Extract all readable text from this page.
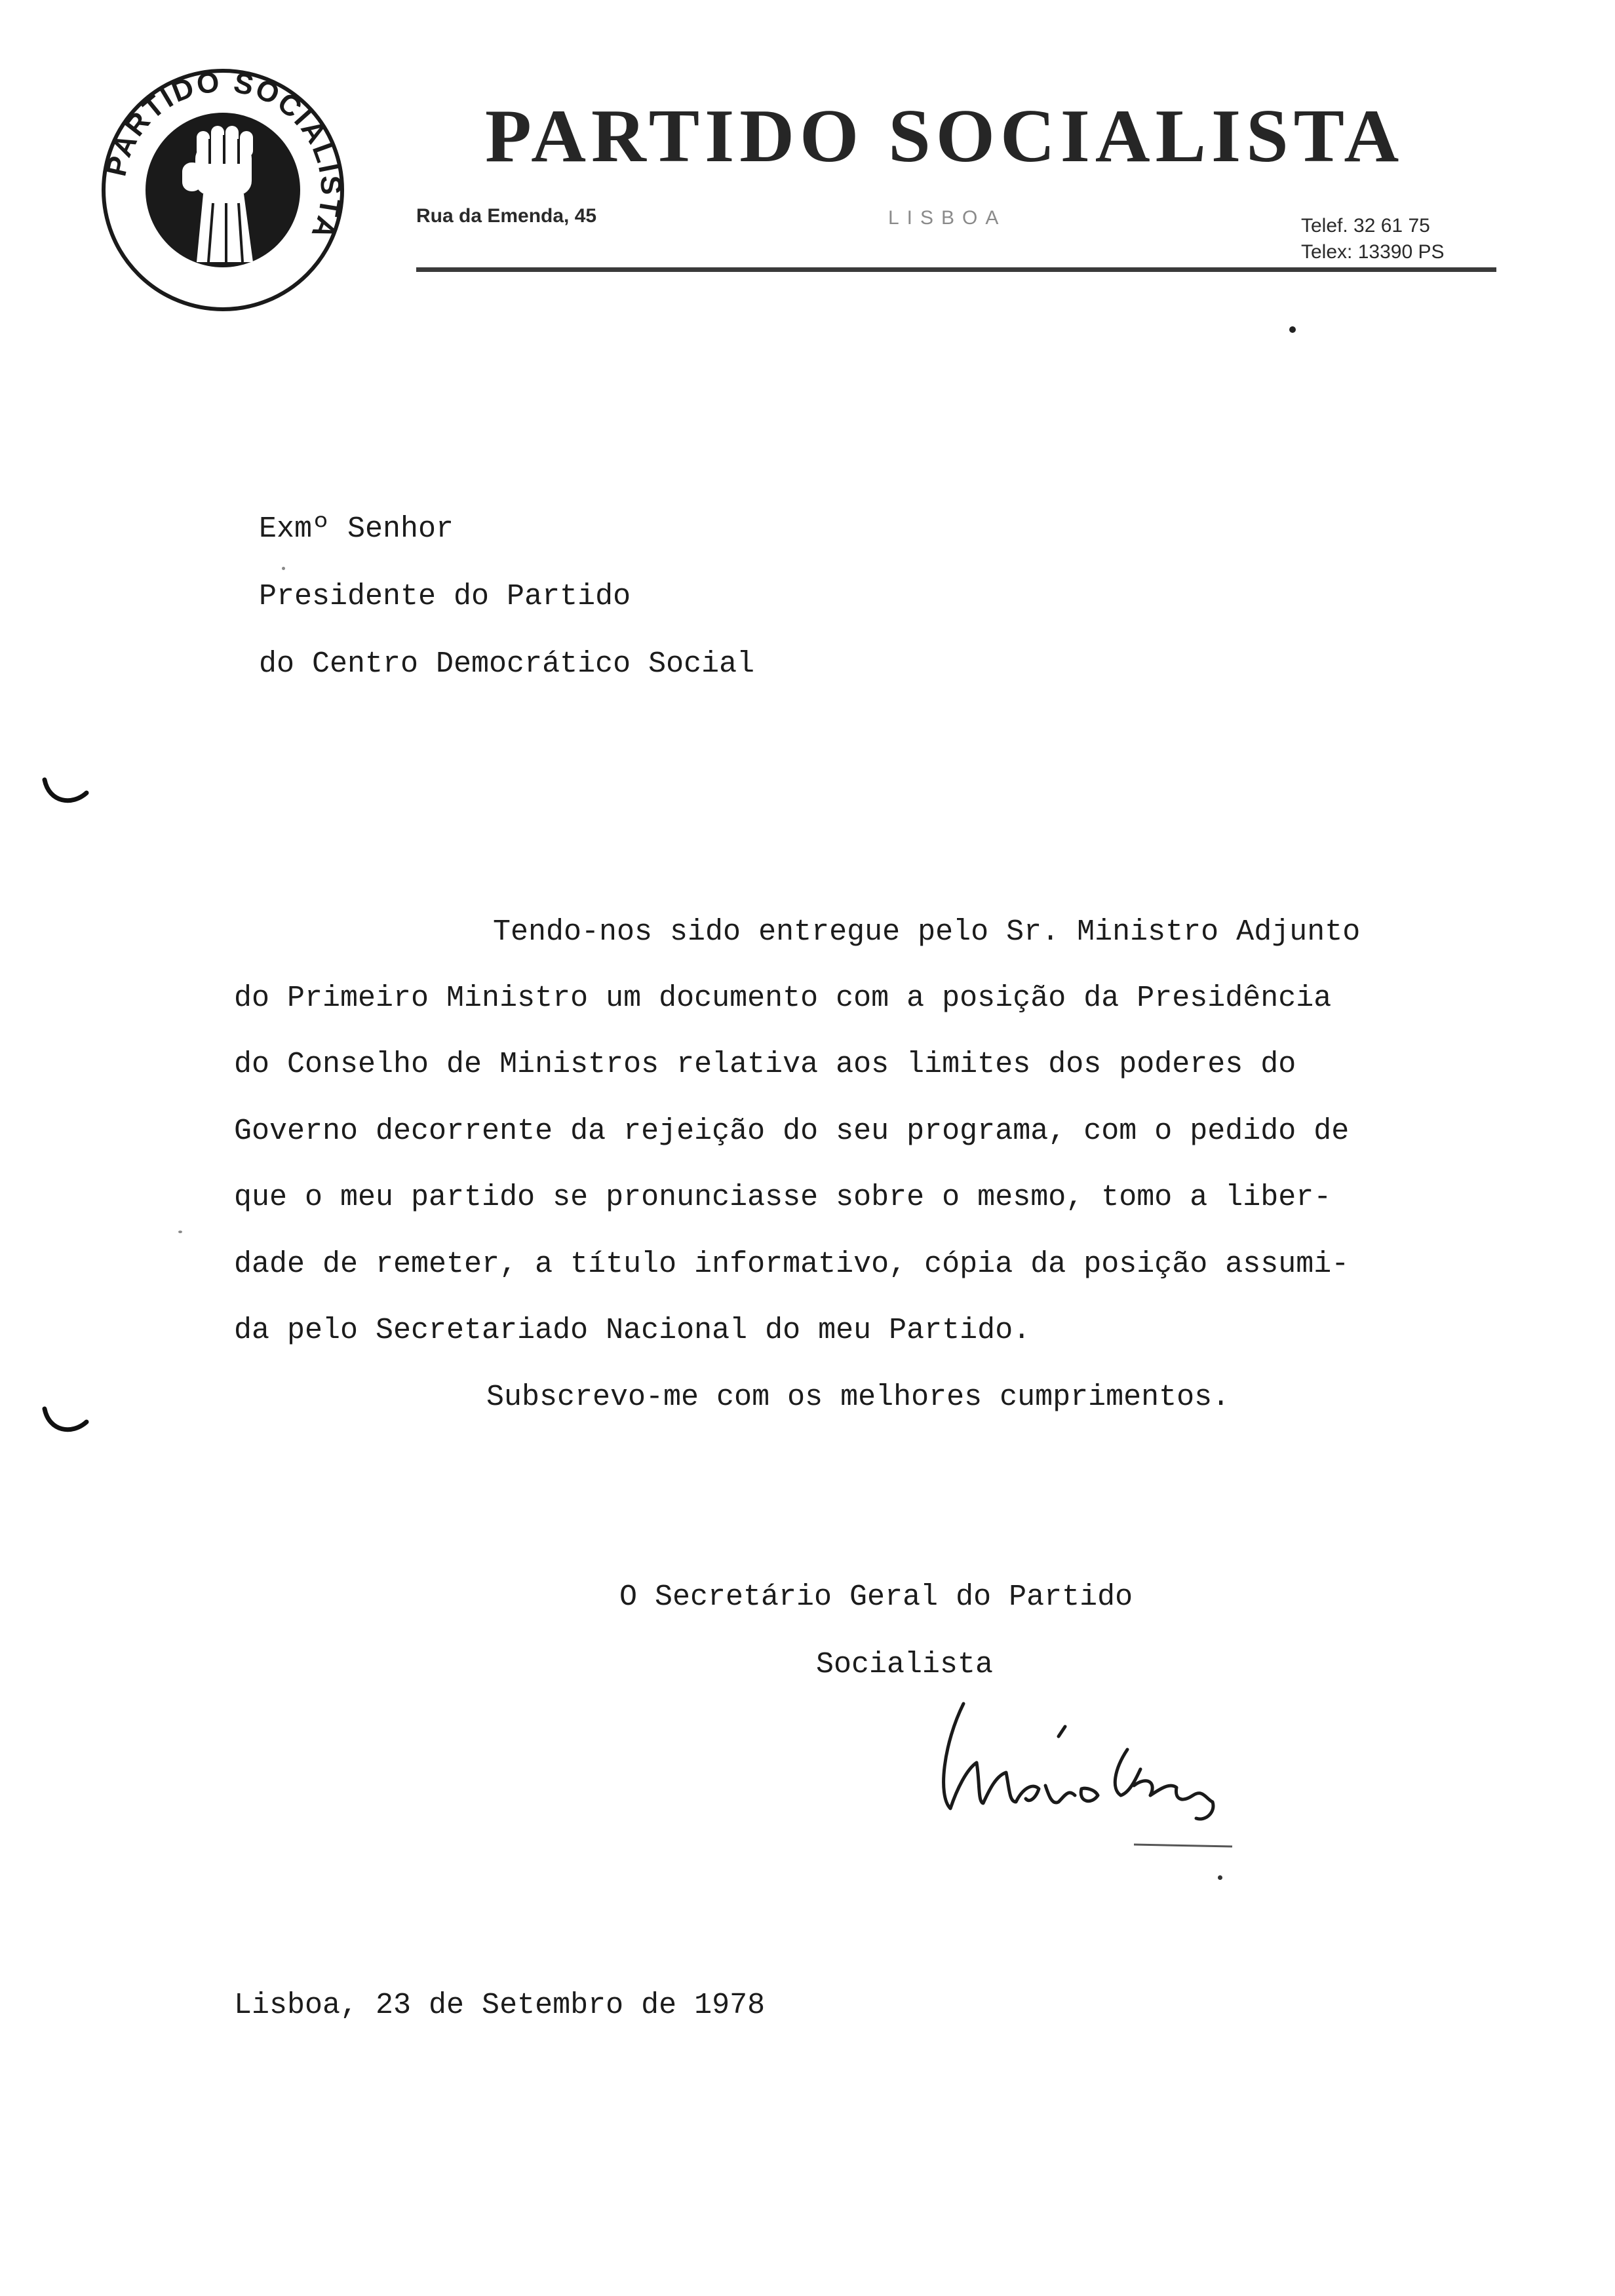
PARTIDO SOCIALISTA
PARTIDO SOCIALISTA
Rua da Emenda, 45	LISBOA	Telef. 32 61 75
Telex: 13390 PS
Exmº Senhor
Presidente do Partido
do Centro Democrático Social
Tendo-nos sido entregue pelo Sr. Ministro Adjunto
do Primeiro Ministro um documento com a posição da Presidência
do Conselho de Ministros relativa aos limites dos poderes do
Governo decorrente da rejeição do seu programa, com o pedido de
que o meu partido se pronunciasse sobre o mesmo, tomo a liber-
dade de remeter, a título informativo, cópia da posição assumi-
da pelo Secretariado Nacional do meu Partido.
Subscrevo-me com os melhores cumprimentos.
O Secretário Geral do Partido
Socialista
Lisboa, 23 de Setembro de 1978
